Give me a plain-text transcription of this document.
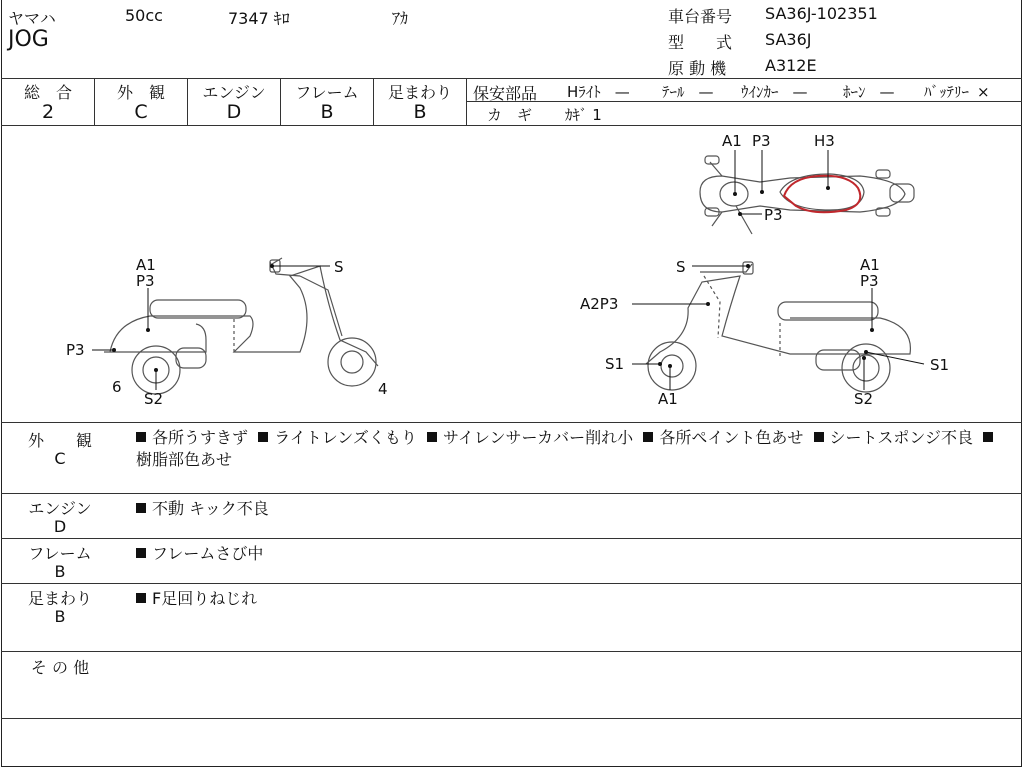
ヤマハ	50cc	7347 ｷﾛ	ｱｶ
JOG
車台番号 SA36J-102351
型　　式 SA36J
原 動 機 A312E
総　合
2
外　観
C
エンジン
D
フレーム
B
足まわり
B
保安部品 Hﾗｲﾄ — ﾃｰﾙ — ｳｲﾝｶｰ — ﾎｰﾝ — ﾊﾞｯﾃﾘｰ ×
カ　ギ ｶｷﾞ 1
A1 P3	H3
P3
A1
P3
S
P3
6
S2
4
S	A1
P3
A2P3
S1
A1
S1
S2
外　　観
C
各所うすきず ライトレンズくもり サイレンサーカバー削れ小 各所ペイント色あせ シートスポンジ不良  樹脂部色あせ
エンジン
D
不動 キック不良
フレーム
B
フレームさび中
足まわり
B
F足回りねじれ
そ の 他
